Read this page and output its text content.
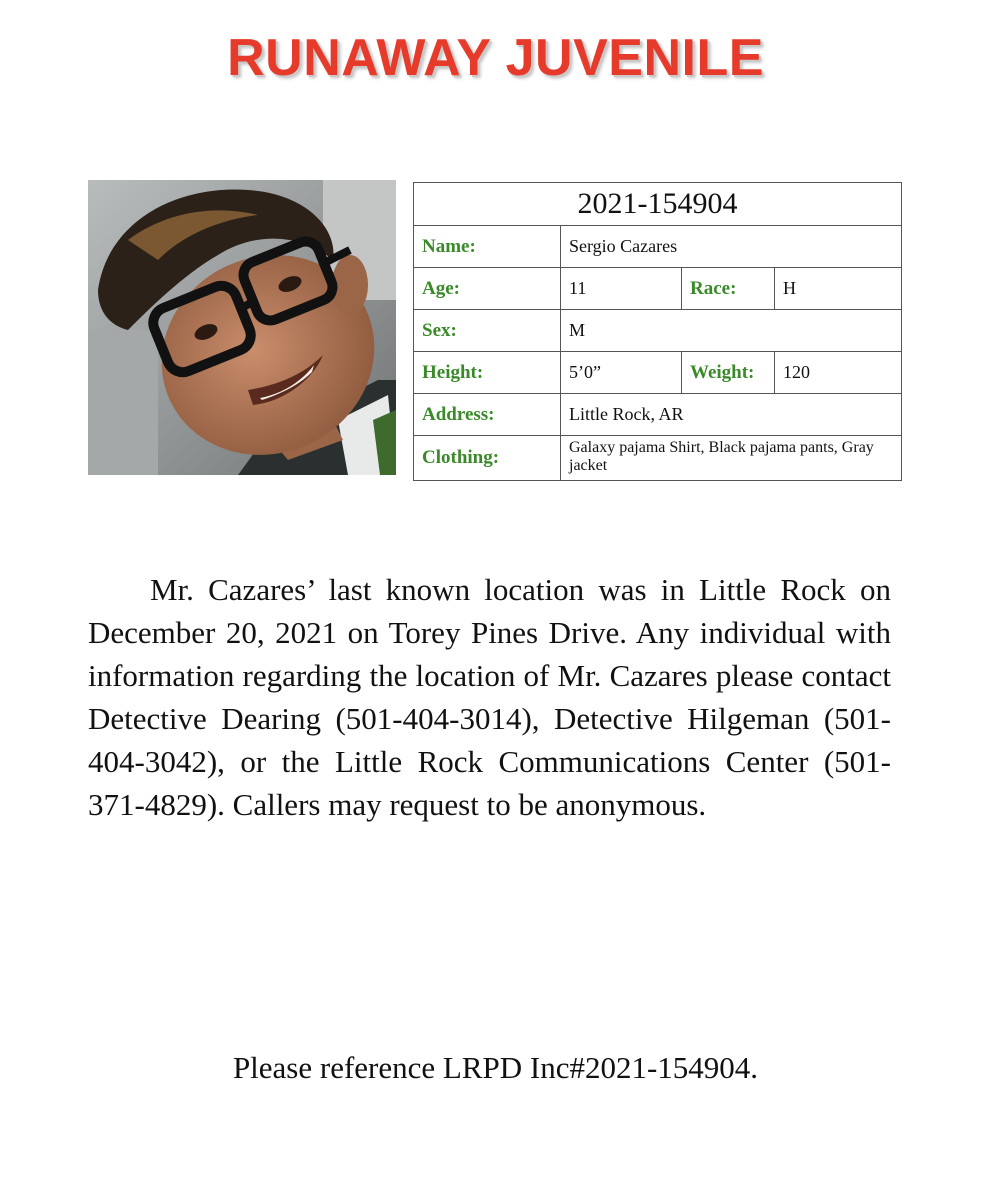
RUNAWAY JUVENILE
2021-154904			
Name:	Sergio Cazares		
Age:	11	Race:	H
Sex:	M		
Height:	5’0”	Weight:	120
Address:	Little Rock, AR		
Clothing:	Galaxy pajama Shirt, Black pajama pants, Gray jacket		

Mr. Cazares’ last known location was in Little Rock on December 20, 2021 on Torey Pines Drive. Any individual with information regarding the location of Mr. Cazares please contact Detective Dearing (501-404-3014), Detective Hilgeman (501-404-3042), or the Little Rock Communications Center (501-371-4829). Callers may request to be anonymous.

Please reference LRPD Inc#2021-154904.
